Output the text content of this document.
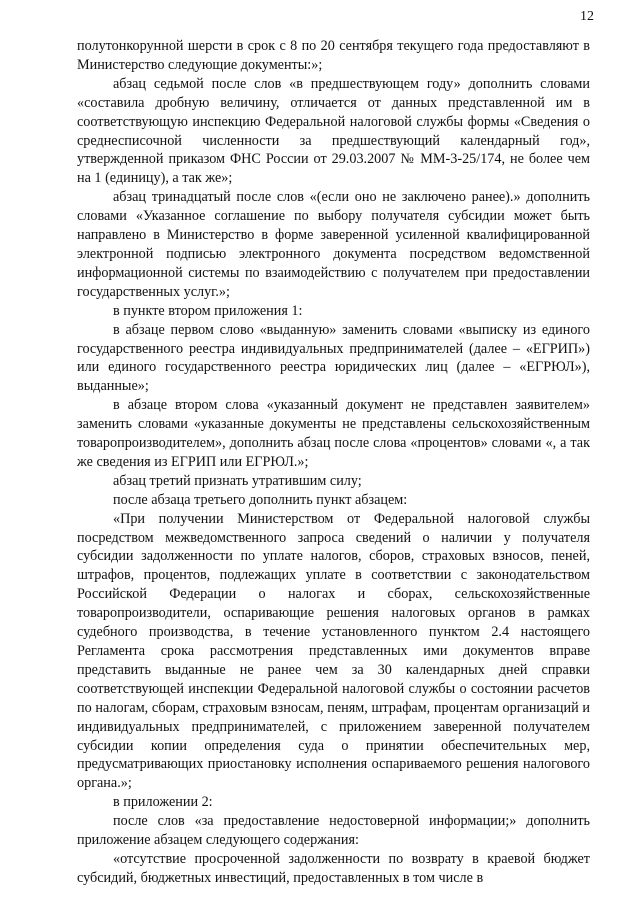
12

полутонкорунной шерсти в срок с 8 по 20 сентября текущего года предоставляют в Министерство следующие документы:»;

абзац седьмой после слов «в предшествующем году» дополнить словами «составила дробную величину, отличается от данных представленной им в соответствующую инспекцию Федеральной налоговой службы формы «Сведения о среднесписочной численности за предшествующий календарный год», утвержденной приказом ФНС России от 29.03.2007 № ММ-3-25/174, не более чем на 1 (единицу), а так же»;

абзац тринадцатый после слов «(если оно не заключено ранее).» дополнить словами «Указанное соглашение по выбору получателя субсидии может быть направлено в Министерство в форме заверенной усиленной квалифицированной электронной подписью электронного документа посредством ведомственной информационной системы по взаимодействию с получателем при предоставлении государственных услуг.»;

в пункте втором приложения 1:

в абзаце первом слово «выданную» заменить словами «выписку из единого государственного реестра индивидуальных предпринимателей (далее – «ЕГРИП») или единого государственного реестра юридических лиц (далее – «ЕГРЮЛ»), выданные»;

в абзаце втором слова «указанный документ не представлен заявителем» заменить словами «указанные документы не представлены сельскохозяйственным товаропроизводителем», дополнить абзац после слова «процентов» словами «, а так же сведения из ЕГРИП или ЕГРЮЛ.»;

абзац третий признать утратившим силу;

после абзаца третьего дополнить пункт абзацем:

«При получении Министерством от Федеральной налоговой службы посредством межведомственного запроса сведений о наличии у получателя субсидии задолженности по уплате налогов, сборов, страховых взносов, пеней, штрафов, процентов, подлежащих уплате в соответствии с законодательством Российской Федерации о налогах и сборах, сельскохозяйственные товаропроизводители, оспаривающие решения налоговых органов в рамках судебного производства, в течение установленного пунктом 2.4 настоящего Регламента срока рассмотрения представленных ими документов вправе представить выданные не ранее чем за 30 календарных дней справки соответствующей инспекции Федеральной налоговой службы о состоянии расчетов по налогам, сборам, страховым взносам, пеням, штрафам, процентам организаций и индивидуальных предпринимателей, с приложением заверенной получателем субсидии копии определения суда о принятии обеспечительных мер, предусматривающих приостановку исполнения оспариваемого решения налогового органа.»;

в приложении 2:

после слов «за предоставление недостоверной информации;» дополнить приложение абзацем следующего содержания:

«отсутствие просроченной задолженности по возврату в краевой бюджет субсидий, бюджетных инвестиций, предоставленных в том числе в
